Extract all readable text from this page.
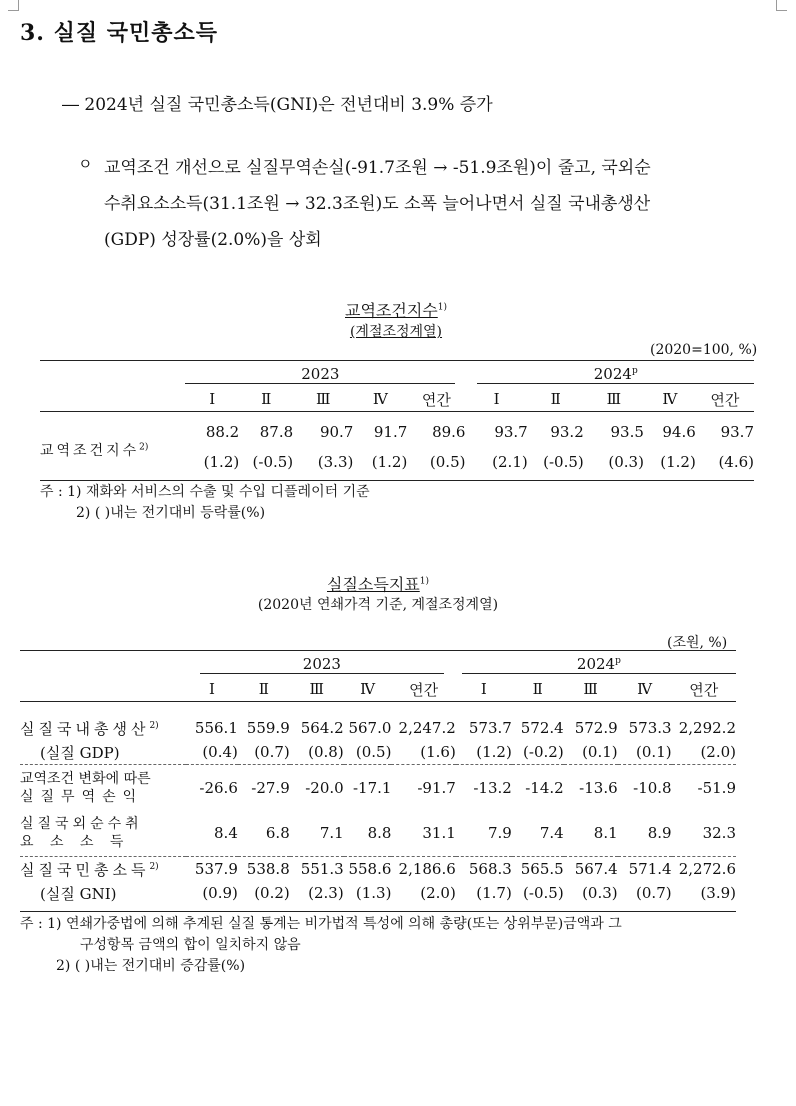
3. 실질 국민총소득
― 2024년 실질 국민총소득(GNI)은 전년대비 3.9% 증가
ㅇ 교역조건 개선으로 실질무역손실(-91.7조원 → -51.9조원)이 줄고, 국외순
수취요소소득(31.1조원 → 32.3조원)도 소폭 늘어나면서 실질 국내총생산
(GDP) 성장률(2.0%)을 상회
교역조건지수$^{1)}$
(계절조정계열)
(2020=100, %)

	2023					2024$^p$

	Ⅰ	Ⅱ	Ⅲ	Ⅳ	연간	Ⅰ	Ⅱ	Ⅲ	Ⅳ	연간

교역조건지수$^{2)}$	88.2	87.8	90.7	91.7	89.6	93.7	93.2	93.5	94.6	93.7
	(1.2)	(-0.5)	(3.3)	(1.2)	(0.5)	(2.1)	(-0.5)	(0.3)	(1.2)	(4.6)
주 : 1) 재화와 서비스의 수출 및 수입 디플레이터 기준
2) ( )내는 전기대비 등락률(%)
실질소득지표$^{1)}$
(2020년 연쇄가격 기준, 계절조정계열)
(조원, %)

	2023					2024$^p$

	Ⅰ	Ⅱ	Ⅲ	Ⅳ	연간	Ⅰ	Ⅱ	Ⅲ	Ⅳ	연간

실질국내총생산$^{2)}$	556.1	559.9	564.2	567.0	2,247.2	573.7	572.4	572.9	573.3	2,292.2
(실질 GDP)	(0.4)	(0.7)	(0.8)	(0.5)	(1.6)	(1.2)	(-0.2)	(0.1)	(0.1)	(2.0)

교역조건 변화에 따른
실질무역손익	-26.6	-27.9	-20.0	-17.1	-91.7	-13.2	-14.2	-13.6	-10.8	-51.9

실질국외순수취
요 소 소 득	8.4	6.8	7.1	8.8	31.1	7.9	7.4	8.1	8.9	32.3
실질국민총소득$^{2)}$	537.9	538.8	551.3	558.6	2,186.6	568.3	565.5	567.4	571.4	2,272.6
(실질 GNI)	(0.9)	(0.2)	(2.3)	(1.3)	(2.0)	(1.7)	(-0.5)	(0.3)	(0.7)	(3.9)
주 : 1) 연쇄가중법에 의해 추계된 실질 통계는 비가법적 특성에 의해 총량(또는 상위부문)금액과 그
구성항목 금액의 합이 일치하지 않음
2) ( )내는 전기대비 증감률(%)
